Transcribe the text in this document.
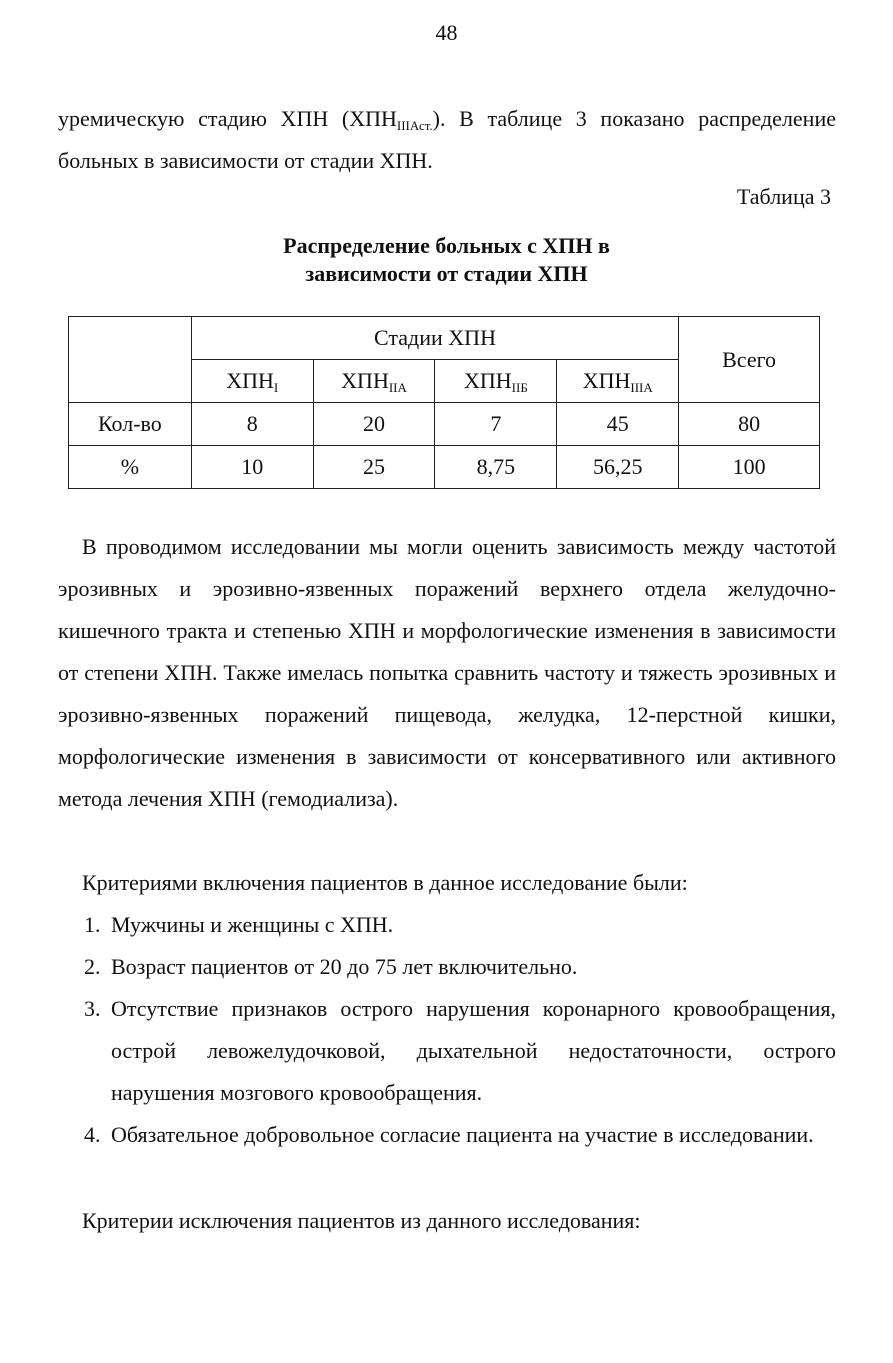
48

уремическую стадию ХПН $(ХПН_{IIIАст.})$. В таблице 3 показано распределение больных в зависимости от стадии ХПН.

Таблица 3

Распределение больных с ХПН в
зависимости от стадии ХПН

	Стадии ХПН				Всего
	$ХПН_I$	$ХПН_{IIА}$	$ХПН_{IIБ}$	$ХПН_{IIIА}$
Кол-во	8	20	7	45	80
%	10	25	8,75	56,25	100

В проводимом исследовании мы могли оценить зависимость между частотой эрозивных и эрозивно-язвенных поражений верхнего отдела желудочно-кишечного тракта и степенью ХПН и морфологические изменения в зависимости от степени ХПН. Также имелась попытка сравнить частоту и тяжесть эрозивных и эрозивно-язвенных поражений пищевода, желудка, 12-перстной кишки, морфологические изменения в зависимости от консервативного или активного метода лечения ХПН (гемодиализа).

Критериями включения пациентов в данное исследование были:

1. Мужчины и женщины с ХПН.
2. Возраст пациентов от 20 до 75 лет включительно.
3. Отсутствие признаков острого нарушения коронарного кровообращения, острой левожелудочковой, дыхательной недостаточности, острого нарушения мозгового кровообращения.
4. Обязательное добровольное согласие пациента на участие в исследовании.

Критерии исключения пациентов из данного исследования:
